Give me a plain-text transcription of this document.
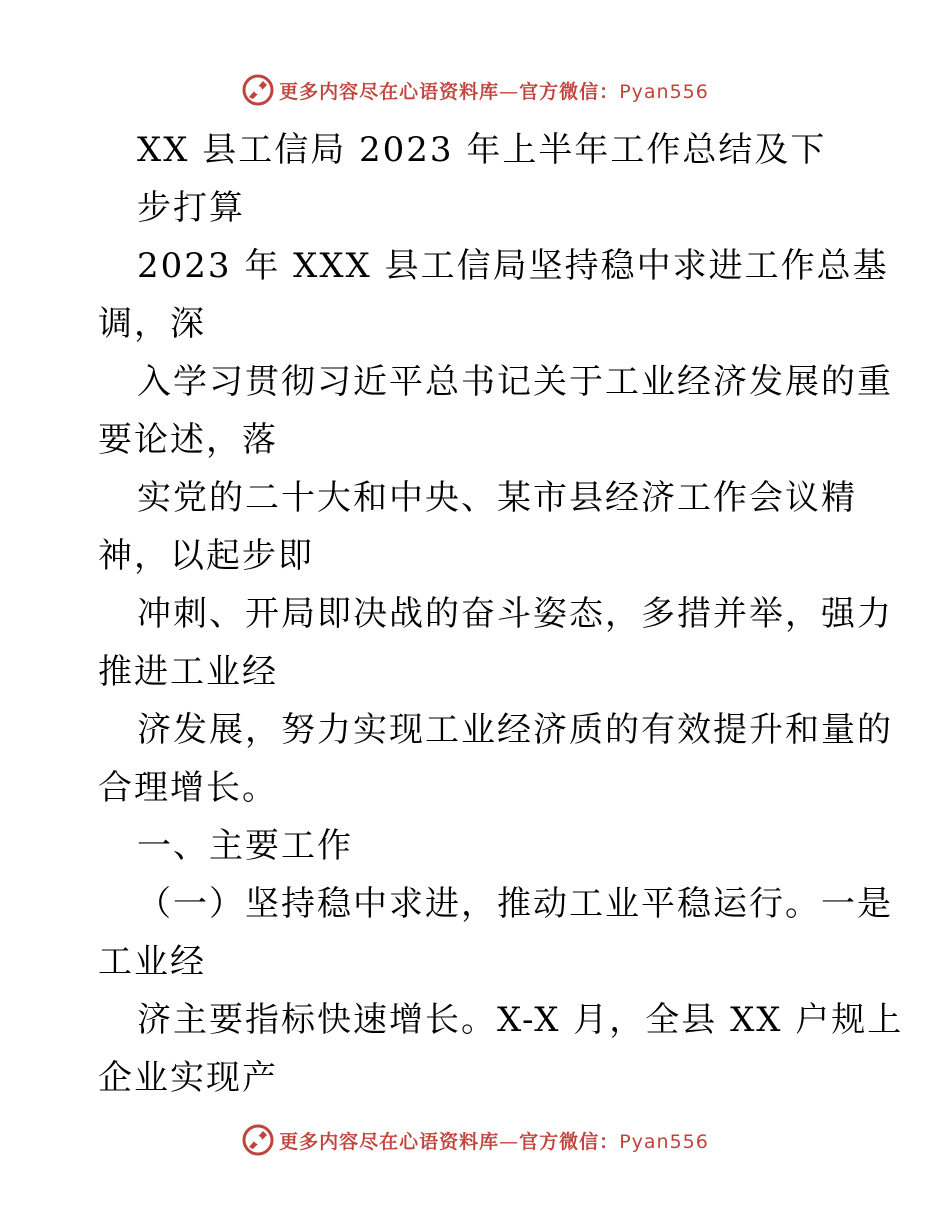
更多内容尽在心语资料库—官方微信：Pyan556
XX 县工信局 2023 年上半年工作总结及下
步打算
2023 年 XXX 县工信局坚持稳中求进工作总基
调，深
入学习贯彻习近平总书记关于工业经济发展的重
要论述，落
实党的二十大和中央、某市县经济工作会议精
神，以起步即
冲刺、开局即决战的奋斗姿态，多措并举，强力
推进工业经
济发展，努力实现工业经济质的有效提升和量的
合理增长。
一、主要工作
（一）坚持稳中求进，推动工业平稳运行。一是
工业经
济主要指标快速增长。X-X 月，全县 XX 户规上
企业实现产
更多内容尽在心语资料库—官方微信：Pyan556
